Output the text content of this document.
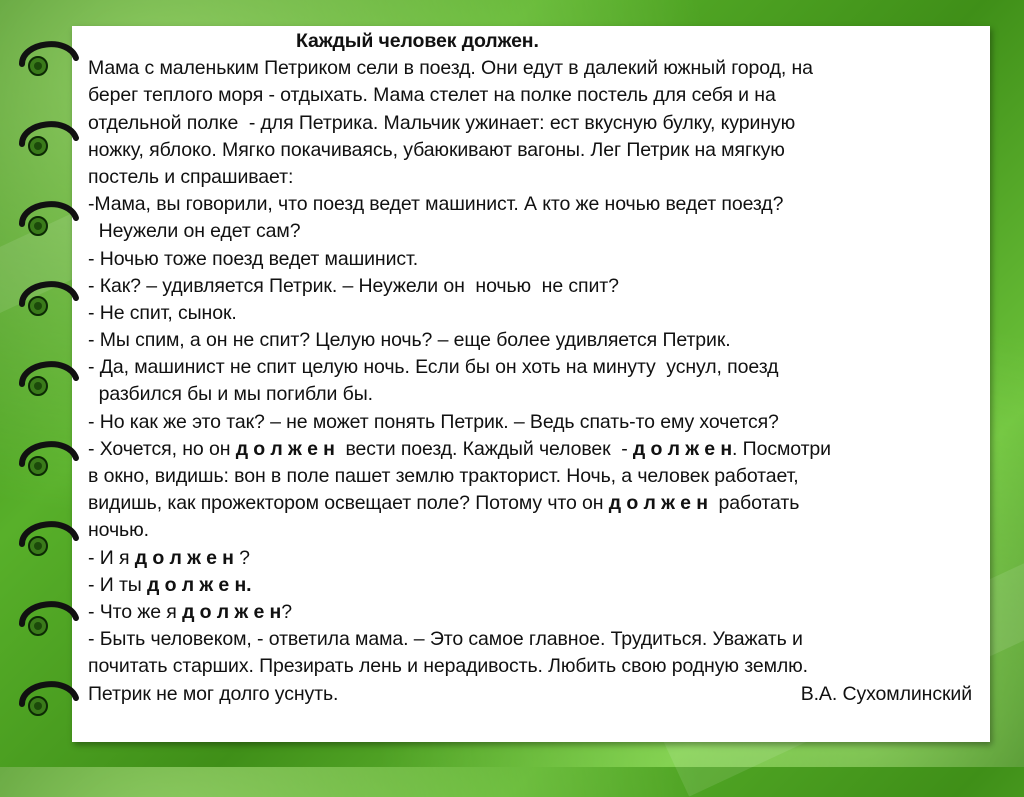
Каждый человек должен.
Мама с маленьким Петриком сели в поезд. Они едут в далекий южный город, на
берег теплого моря - отдыхать. Мама стелет на полке постель для себя и на
отдельной полке  - для Петрика. Мальчик ужинает: ест вкусную булку, куриную
ножку, яблоко. Мягко покачиваясь, убаюкивают вагоны. Лег Петрик на мягкую
постель и спрашивает:
-Мама, вы говорили, что поезд ведет машинист. А кто же ночью ведет поезд?
Неужели он едет сам?
- Ночью тоже поезд ведет машинист.
- Как? – удивляется Петрик. – Неужели он  ночью  не спит?
- Не спит, сынок.
- Мы спим, а он не спит? Целую ночь? – еще более удивляется Петрик.
- Да, машинист не спит целую ночь. Если бы он хоть на минуту  уснул, поезд
разбился бы и мы погибли бы.
- Но как же это так? – не может понять Петрик. – Ведь спать-то ему хочется?
- Хочется, но он д о л ж е н  вести поезд. Каждый человек  - д о л ж е н. Посмотри
в окно, видишь: вон в поле пашет землю тракторист. Ночь, а человек работает,
видишь, как прожектором освещает поле? Потому что он д о л ж е н  работать
ночью.
- И я д о л ж е н ?
- И ты д о л ж е н.
- Что же я д о л ж е н?
- Быть человеком, - ответила мама. – Это самое главное. Трудиться. Уважать и
почитать старших. Презирать лень и нерадивость. Любить свою родную землю.
Петрик не мог долго уснуть.	В.А. Сухомлинский
